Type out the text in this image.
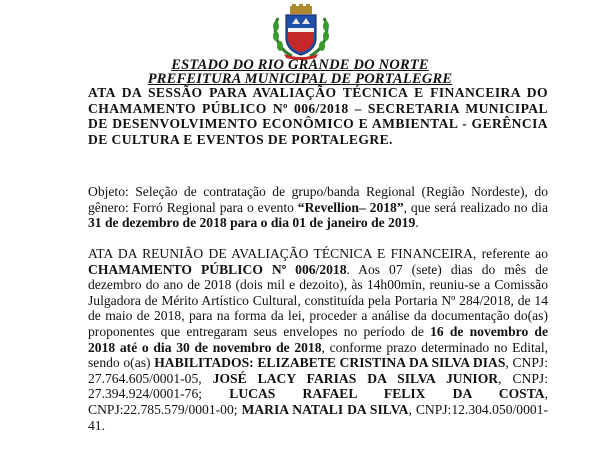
ESTADO DO RIO GRANDE DO NORTE
PREFEITURA MUNICIPAL DE PORTALEGRE

ATA DA SESSÃO PARA AVALIAÇÃO TÉCNICA E FINANCEIRA DO CHAMAMENTO PÚBLICO Nº 006/2018 – SECRETARIA MUNICIPAL DE DESENVOLVIMENTO ECONÔMICO E AMBIENTAL - GERÊNCIA DE CULTURA E EVENTOS DE PORTALEGRE.

Objeto: Seleção de contratação de grupo/banda Regional (Região Nordeste), do gênero: Forró Regional para o evento “Revellion– 2018”, que será realizado no dia 31 de dezembro de 2018 para o dia 01 de janeiro de 2019.

ATA DA REUNIÃO DE AVALIAÇÃO TÉCNICA E FINANCEIRA, referente ao CHAMAMENTO PÚBLICO Nº 006/2018. Aos 07 (sete) dias do mês de dezembro do ano de 2018 (dois mil e dezoito), às 14h00min, reuniu-se a Comissão Julgadora de Mérito Artístico Cultural, constituída pela Portaria Nº 284/2018, de 14 de maio de 2018, para na forma da lei, proceder a análise da documentação do(as) proponentes que entregaram seus envelopes no período de 16 de novembro de 2018 até o dia 30 de novembro de 2018, conforme prazo determinado no Edital, sendo o(as) HABILITADOS: ELIZABETE CRISTINA DA SILVA DIAS, CNPJ: 27.764.605/0001-05, JOSÉ LACY FARIAS DA SILVA JUNIOR, CNPJ: 27.394.924/0001-76; LUCAS RAFAEL FELIX DA COSTA, CNPJ:22.785.579/0001-00; MARIA NATALI DA SILVA, CNPJ:12.304.050/0001-41.
